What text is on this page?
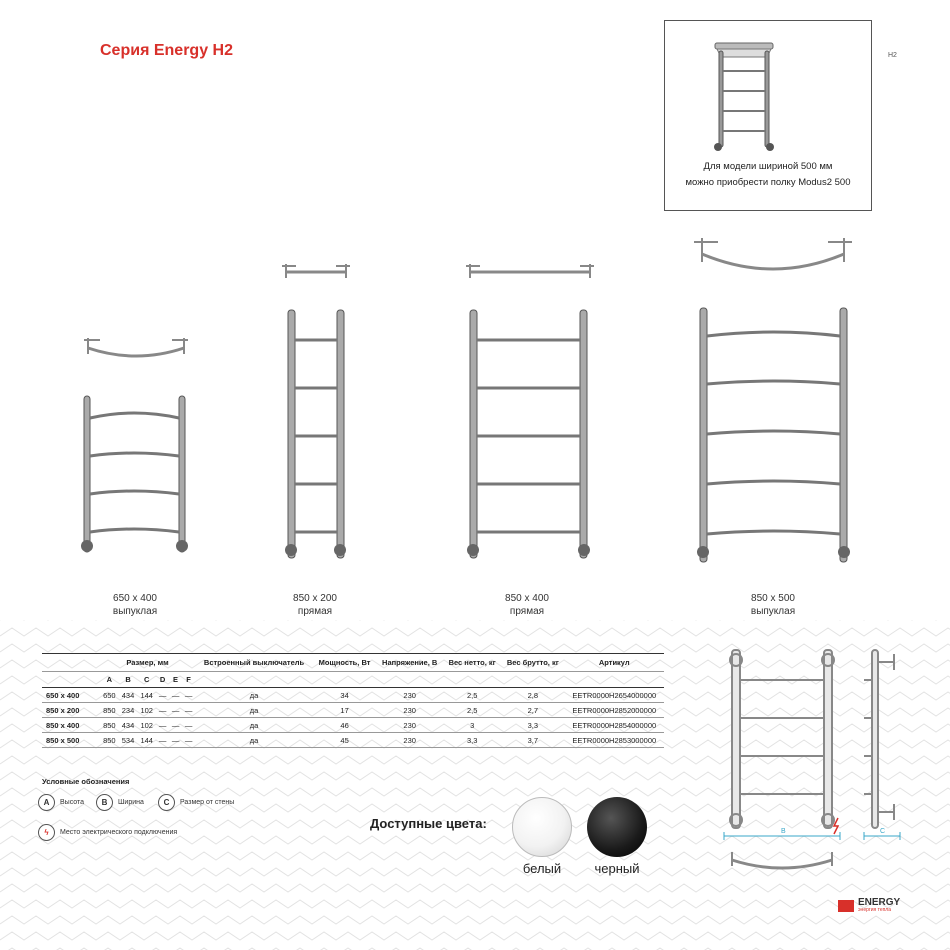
Серия Energy H2	H2
Для модели шириной 500 мм
можно приобрести полку Modus2 500
650 х 400
выпуклая
850 х 200
прямая
850 х 400
прямая
850 х 500
выпуклая
	Размер, мм						Встроенный выключатель	Мощность, Вт	Напряжение, В	Вес нетто, кг	Вес брутто, кг	Артикул
	A	B	C	D	E	F						
650 х 400	650	434	144	—	—	—	да	34	230	2,5	2,8	EETR0000H2654000000
850 х 200	850	234	102	—	—	—	да	17	230	2,5	2,7	EETR0000H2852000000
850 х 400	850	434	102	—	—	—	да	46	230	3	3,3	EETR0000H2854000000
850 х 500	850	534	144	—	—	—	да	45	230	3,3	3,7	EETR0000H2853000000
Условные обозначения
A	Высота	B	Ширина	C	Размер от стены
ϟ	Место электрического подключения
Доступные цвета:
белый	черный
B	C
ENERGY
энергия тепла
